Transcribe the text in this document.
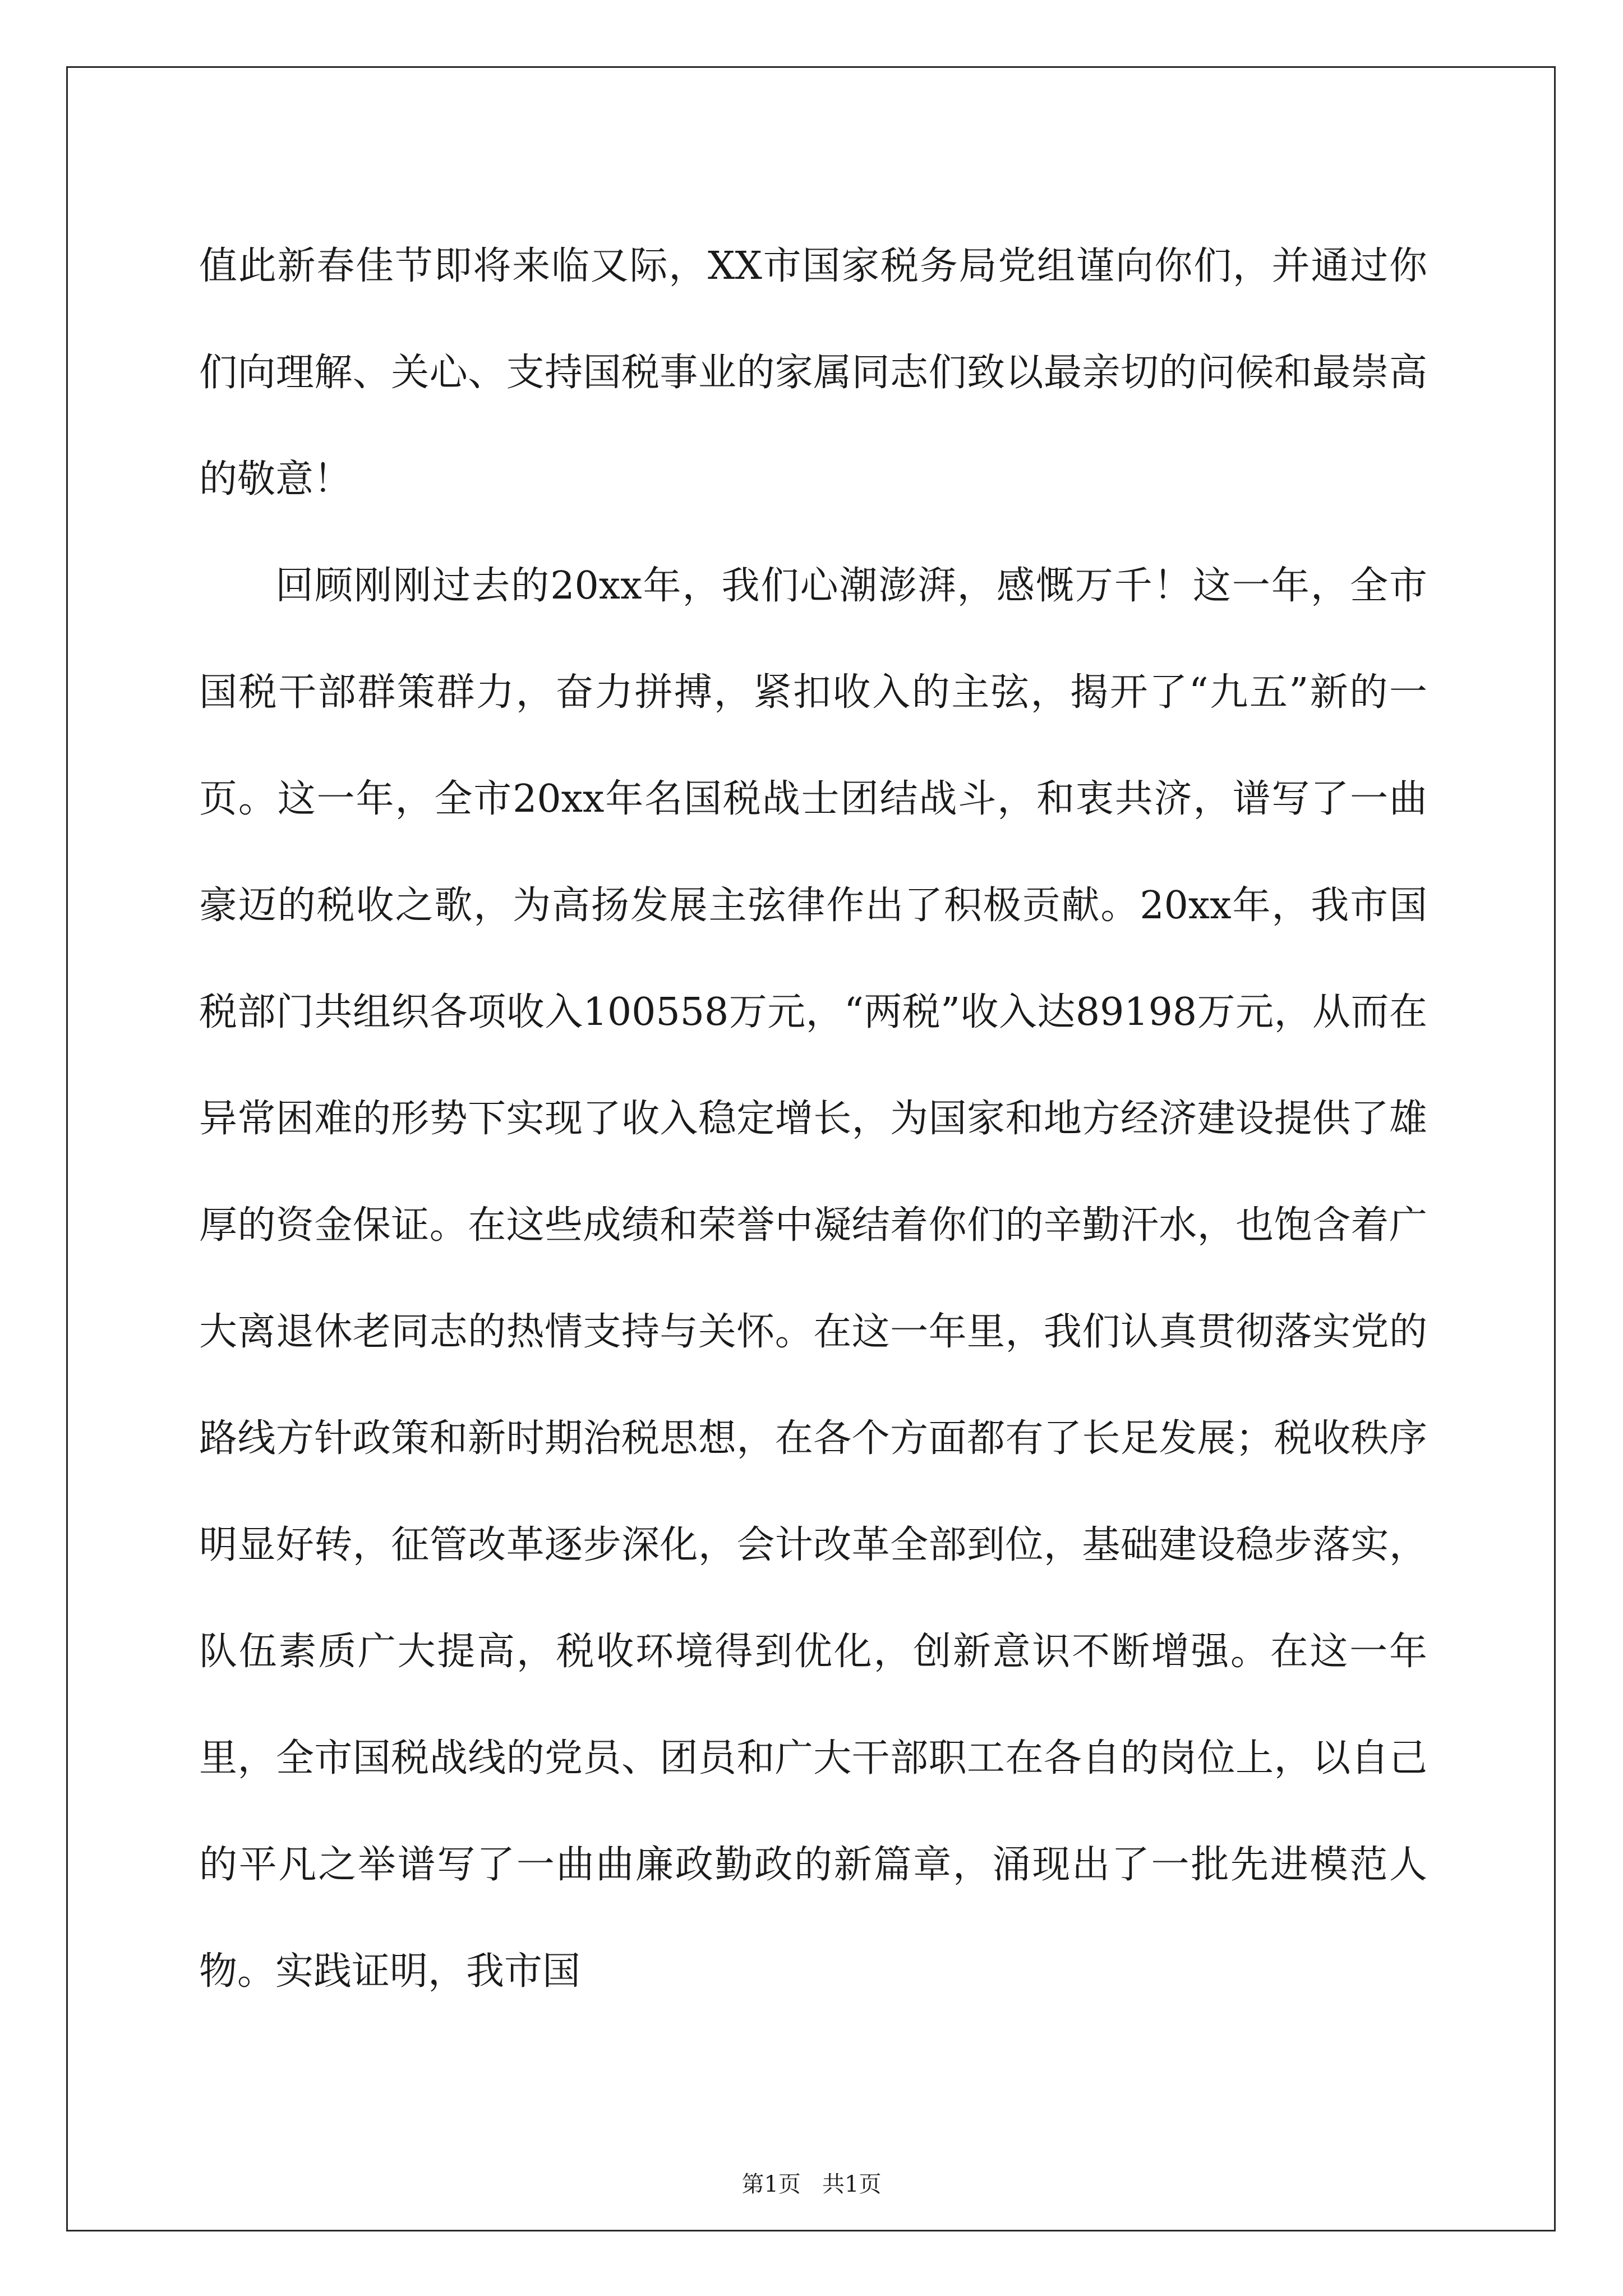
值此新春佳节即将来临又际，XX市国家税务局党组谨向你们，并通过你们向理解、关心、支持国税事业的家属同志们致以最亲切的问候和最崇高的敬意！

回顾刚刚过去的20xx年，我们心潮澎湃，感慨万千！这一年，全市国税干部群策群力，奋力拼搏，紧扣收入的主弦，揭开了“九五”新的一页。这一年，全市20xx年名国税战士团结战斗，和衷共济，谱写了一曲豪迈的税收之歌，为高扬发展主弦律作出了积极贡献。20xx年，我市国税部门共组织各项收入100558万元，“两税”收入达89198万元，从而在异常困难的形势下实现了收入稳定增长，为国家和地方经济建设提供了雄厚的资金保证。在这些成绩和荣誉中凝结着你们的辛勤汗水，也饱含着广大离退休老同志的热情支持与关怀。在这一年里，我们认真贯彻落实党的路线方针政策和新时期治税思想，在各个方面都有了长足发展；税收秩序明显好转，征管改革逐步深化，会计改革全部到位，基础建设稳步落实，队伍素质广大提高，税收环境得到优化，创新意识不断增强。在这一年里，全市国税战线的党员、团员和广大干部职工在各自的岗位上，以自己的平凡之举谱写了一曲曲廉政勤政的新篇章，涌现出了一批先进模范人物。实践证明，我市国

第1页   共1页
